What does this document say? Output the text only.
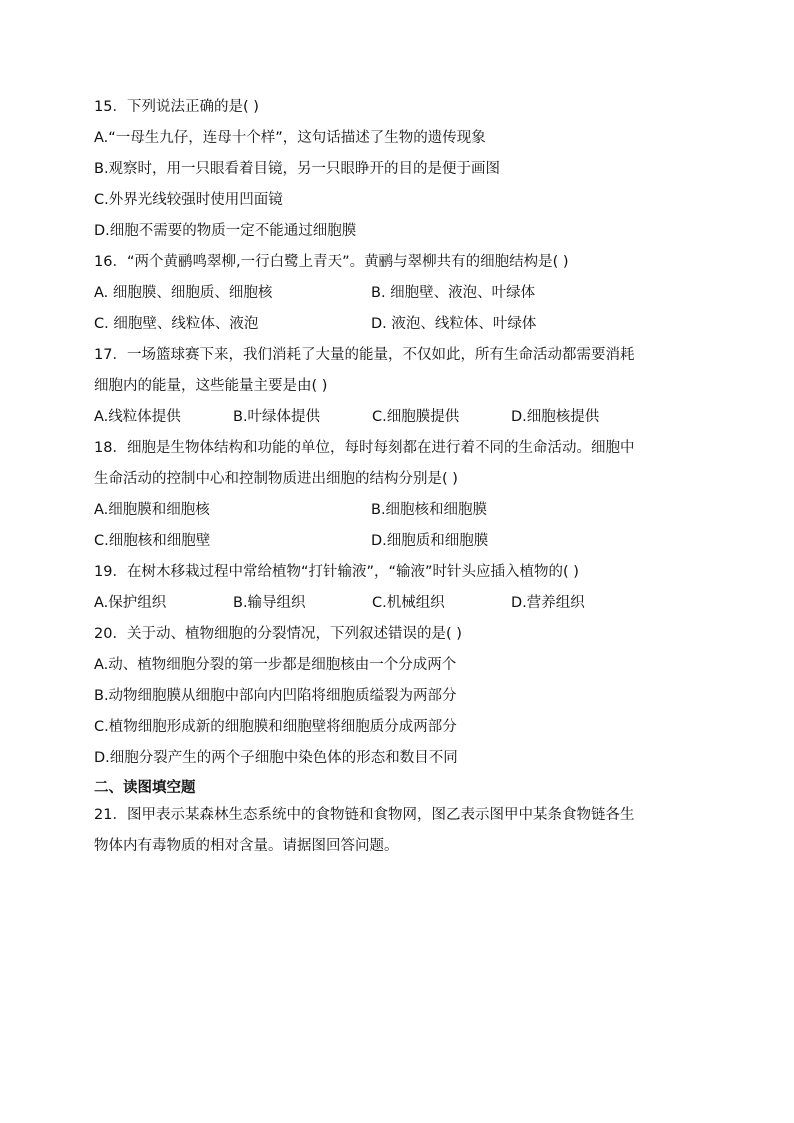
15．下列说法正确的是( )
A.“一母生九仔，连母十个样”，这句话描述了生物的遗传现象
B.观察时，用一只眼看着目镜，另一只眼睁开的目的是便于画图
C.外界光线较强时使用凹面镜
D.细胞不需要的物质一定不能通过细胞膜
16．“两个黄鹂鸣翠柳,一行白鹭上青天”。黄鹂与翠柳共有的细胞结构是( )
A. 细胞膜、细胞质、细胞核	B. 细胞壁、液泡、叶绿体
C. 细胞壁、线粒体、液泡	D. 液泡、线粒体、叶绿体
17．一场篮球赛下来，我们消耗了大量的能量，不仅如此，所有生命活动都需要消耗
细胞内的能量，这些能量主要是由( )
A.线粒体提供	B.叶绿体提供	C.细胞膜提供	D.细胞核提供
18．细胞是生物体结构和功能的单位，每时每刻都在进行着不同的生命活动。细胞中
生命活动的控制中心和控制物质进出细胞的结构分别是( )
A.细胞膜和细胞核	B.细胞核和细胞膜
C.细胞核和细胞壁	D.细胞质和细胞膜
19．在树木移栽过程中常给植物“打针输液”，“输液”时针头应插入植物的( )
A.保护组织	B.输导组织	C.机械组织	D.营养组织
20．关于动、植物细胞的分裂情况，下列叙述错误的是( )
A.动、植物细胞分裂的第一步都是细胞核由一个分成两个
B.动物细胞膜从细胞中部向内凹陷将细胞质缢裂为两部分
C.植物细胞形成新的细胞膜和细胞壁将细胞质分成两部分
D.细胞分裂产生的两个子细胞中染色体的形态和数目不同
二、读图填空题
21．图甲表示某森林生态系统中的食物链和食物网，图乙表示图甲中某条食物链各生
物体内有毒物质的相对含量。请据图回答问题。
